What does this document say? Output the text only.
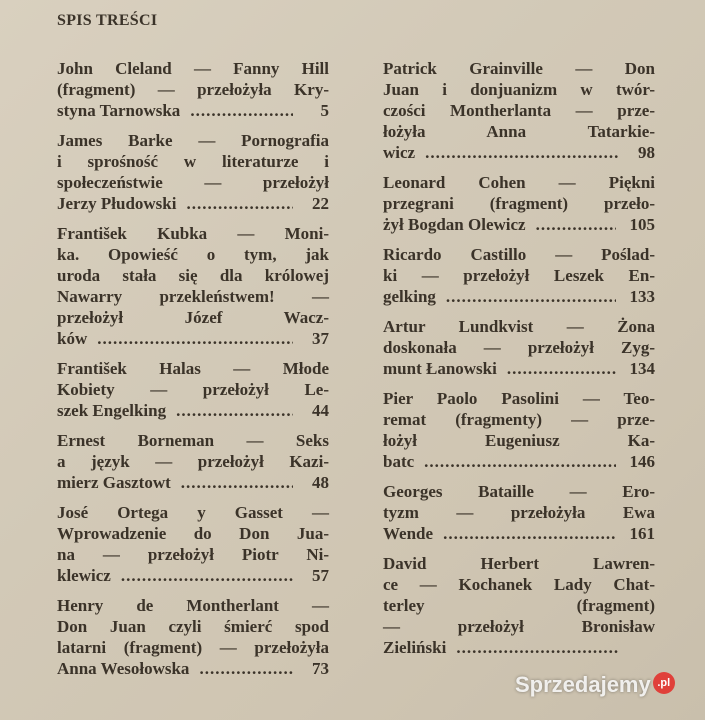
SPIS TREŚCI
John Cleland — Fanny Hill
(fragment) — przełożyła Kry-
styna Tarnowska .....	5
James Barke — Pornografia
i sprośność w literaturze i
społeczeństwie — przełożył
Jerzy Płudowski .....	22
František Kubka — Moni-
ka. Opowieść o tym, jak
uroda stała się dla królowej
Nawarry przekleństwem! —
przełożył Józef Wacz-
ków .....	37
František Halas — Młode
Kobiety — przełożył Le-
szek Engelking .....	44
Ernest Borneman — Seks
a język — przełożył Kazi-
mierz Gasztowt .....	48
José Ortega y Gasset —
Wprowadzenie do Don Jua-
na — przełożył Piotr Ni-
klewicz .....	57
Henry de Montherlant —
Don Juan czyli śmierć spod
latarni (fragment) — przełożyła
Anna Wesołowska .....	73
Patrick Grainville — Don
Juan i donjuanizm w twór-
czości Montherlanta — prze-
łożyła Anna Tatarkie-
wicz .....	98
Leonard Cohen — Piękni
przegrani (fragment) przeło-
żył Bogdan Olewicz .....	105
Ricardo Castillo — Poślad-
ki — przełożył Leszek En-
gelking .....	133
Artur Lundkvist — Żona
doskonała — przełożył Zyg-
munt Łanowski .....	134
Pier Paolo Pasolini — Teo-
remat (fragmenty) — prze-
łożył Eugeniusz Ka-
batc .....	146
Georges Bataille — Ero-
tyzm — przełożyła Ewa
Wende .....	161
David Herbert Lawren-
ce — Kochanek Lady Chat-
terley (fragment)
— przełożył Bronisław
Zieliński
.....
Sprzedajemy .pl
